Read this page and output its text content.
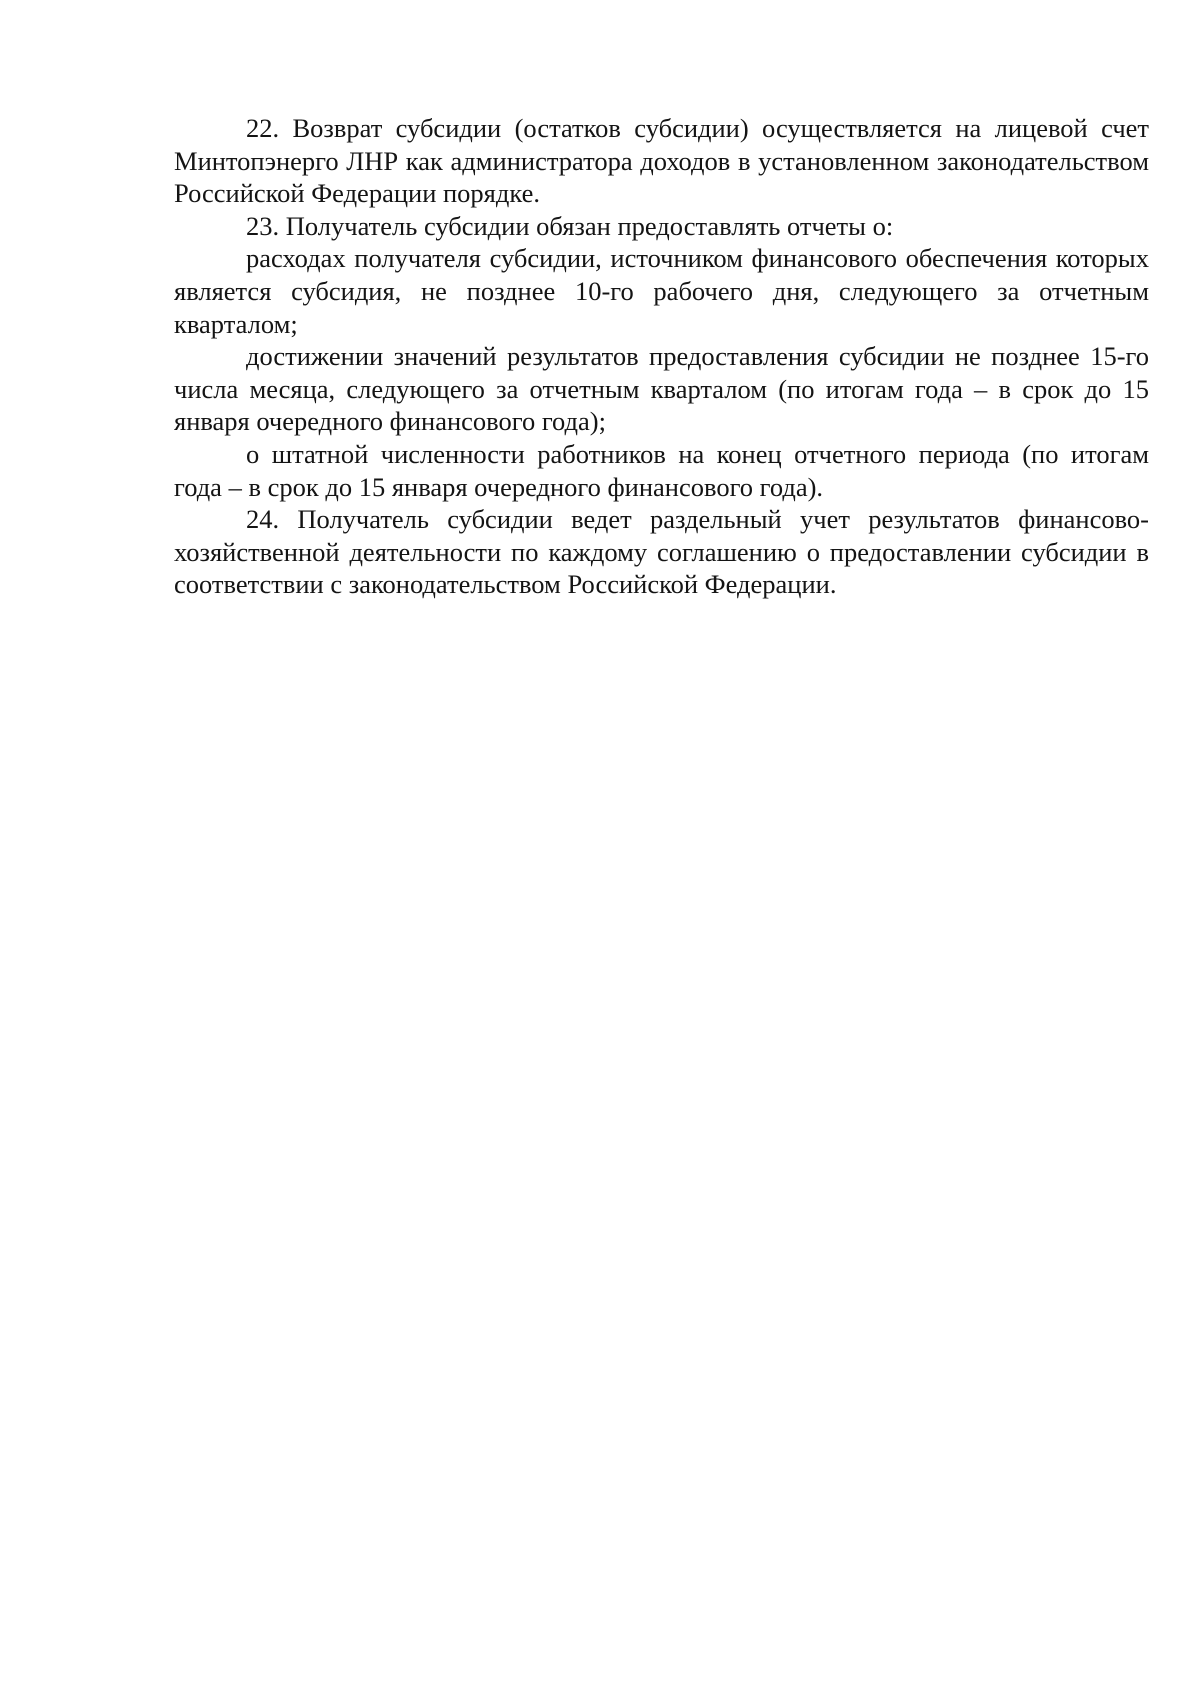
22. Возврат субсидии (остатков субсидии) осуществляется на лицевой счет Минтопэнерго ЛНР как администратора доходов в установленном законодательством Российской Федерации порядке.

23. Получатель субсидии обязан предоставлять отчеты о:

расходах получателя субсидии, источником финансового обеспечения которых является субсидия, не позднее 10-го рабочего дня, следующего за отчетным кварталом;

достижении значений результатов предоставления субсидии не позднее 15-го числа месяца, следующего за отчетным кварталом (по итогам года – в срок до 15 января очередного финансового года);

о штатной численности работников на конец отчетного периода (по итогам года – в срок до 15 января очередного финансового года).

24. Получатель субсидии ведет раздельный учет результатов финансово-хозяйственной деятельности по каждому соглашению о предоставлении субсидии в соответствии с законодательством Российской Федерации.
